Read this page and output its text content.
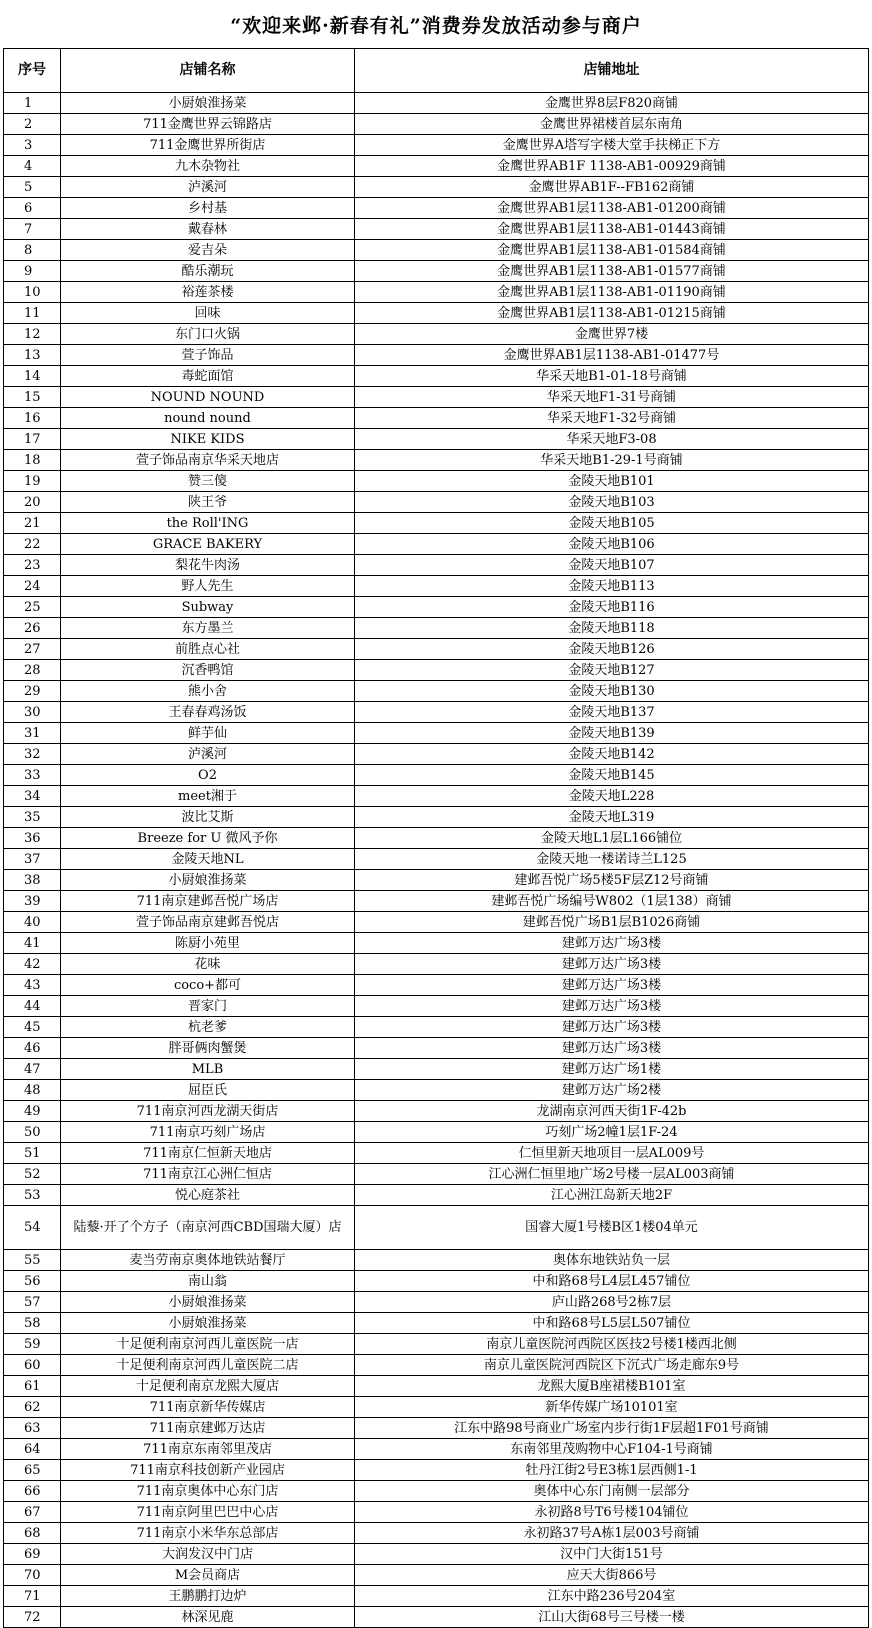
“欢迎来邺·新春有礼”消费券发放活动参与商户
序号	店铺名称	店铺地址
1	小厨娘淮扬菜	金鹰世界8层F820商铺
2	711金鹰世界云锦路店	金鹰世界裙楼首层东南角
3	711金鹰世界所街店	金鹰世界A塔写字楼大堂手扶梯正下方
4	九木杂物社	金鹰世界AB1F 1138-AB1-00929商铺
5	泸溪河	金鹰世界AB1F--FB162商铺
6	乡村基	金鹰世界AB1层1138-AB1-01200商铺
7	戴春林	金鹰世界AB1层1138-AB1-01443商铺
8	爱吉朵	金鹰世界AB1层1138-AB1-01584商铺
9	酷乐潮玩	金鹰世界AB1层1138-AB1-01577商铺
10	裕莲茶楼	金鹰世界AB1层1138-AB1-01190商铺
11	回味	金鹰世界AB1层1138-AB1-01215商铺
12	东门口火锅	金鹰世界7楼
13	萱子饰品	金鹰世界AB1层1138-AB1-01477号
14	毒蛇面馆	华采天地B1-01-18号商铺
15	NOUND NOUND	华采天地F1-31号商铺
16	nound nound	华采天地F1-32号商铺
17	NIKE KIDS	华采天地F3-08
18	萱子饰品南京华采天地店	华采天地B1-29-1号商铺
19	赞三傻	金陵天地B101
20	陕王爷	金陵天地B103
21	the Roll'ING	金陵天地B105
22	GRACE BAKERY	金陵天地B106
23	梨花牛肉汤	金陵天地B107
24	野人先生	金陵天地B113
25	Subway	金陵天地B116
26	东方墨兰	金陵天地B118
27	前胜点心社	金陵天地B126
28	沉香鸭馆	金陵天地B127
29	熊小舍	金陵天地B130
30	王春春鸡汤饭	金陵天地B137
31	鲜芋仙	金陵天地B139
32	泸溪河	金陵天地B142
33	O2	金陵天地B145
34	meet湘于	金陵天地L228
35	波比艾斯	金陵天地L319
36	Breeze for U 微风予你	金陵天地L1层L166铺位
37	金陵天地NL	金陵天地一楼诺诗兰L125
38	小厨娘淮扬菜	建邺吾悦广场5楼5F层Z12号商铺
39	711南京建邺吾悦广场店	建邺吾悦广场编号W802（1层138）商铺
40	萱子饰品南京建邺吾悦店	建邺吾悦广场B1层B1026商铺
41	陈厨小苑里	建邺万达广场3楼
42	花味	建邺万达广场3楼
43	coco+都可	建邺万达广场3楼
44	晋家门	建邺万达广场3楼
45	杭老爹	建邺万达广场3楼
46	胖哥俩肉蟹煲	建邺万达广场3楼
47	MLB	建邺万达广场1楼
48	屈臣氏	建邺万达广场2楼
49	711南京河西龙湖天街店	龙湖南京河西天街1F-42b
50	711南京巧刻广场店	巧刻广场2幢1层1F-24
51	711南京仁恒新天地店	仁恒里新天地项目一层AL009号
52	711南京江心洲仁恒店	江心洲仁恒里地广场2号楼一层AL003商铺
53	悦心庭茶社	江心洲江岛新天地2F
54	陆藜·开了个方子（南京河西CBD国瑞大厦）店	国睿大厦1号楼B区1楼04单元
55	麦当劳南京奥体地铁站餐厅	奥体东地铁站负一层
56	南山翁	中和路68号L4层L457铺位
57	小厨娘淮扬菜	庐山路268号2栋7层
58	小厨娘淮扬菜	中和路68号L5层L507铺位
59	十足便利南京河西儿童医院一店	南京儿童医院河西院区医技2号楼1楼西北侧
60	十足便利南京河西儿童医院二店	南京儿童医院河西院区下沉式广场走廊东9号
61	十足便利南京龙熙大厦店	龙熙大厦B座裙楼B101室
62	711南京新华传媒店	新华传媒广场10101室
63	711南京建邺万达店	江东中路98号商业广场室内步行街1F层超1F01号商铺
64	711南京东南邻里茂店	东南邻里茂购物中心F104-1号商铺
65	711南京科技创新产业园店	牡丹江街2号E3栋1层西侧1-1
66	711南京奥体中心东门店	奥体中心东门南侧一层部分
67	711南京阿里巴巴中心店	永初路8号T6号楼104铺位
68	711南京小米华东总部店	永初路37号A栋1层003号商铺
69	大润发汉中门店	汉中门大街151号
70	M会员商店	应天大街866号
71	王鹏鹏打边炉	江东中路236号204室
72	林深见鹿	江山大街68号三号楼一楼
